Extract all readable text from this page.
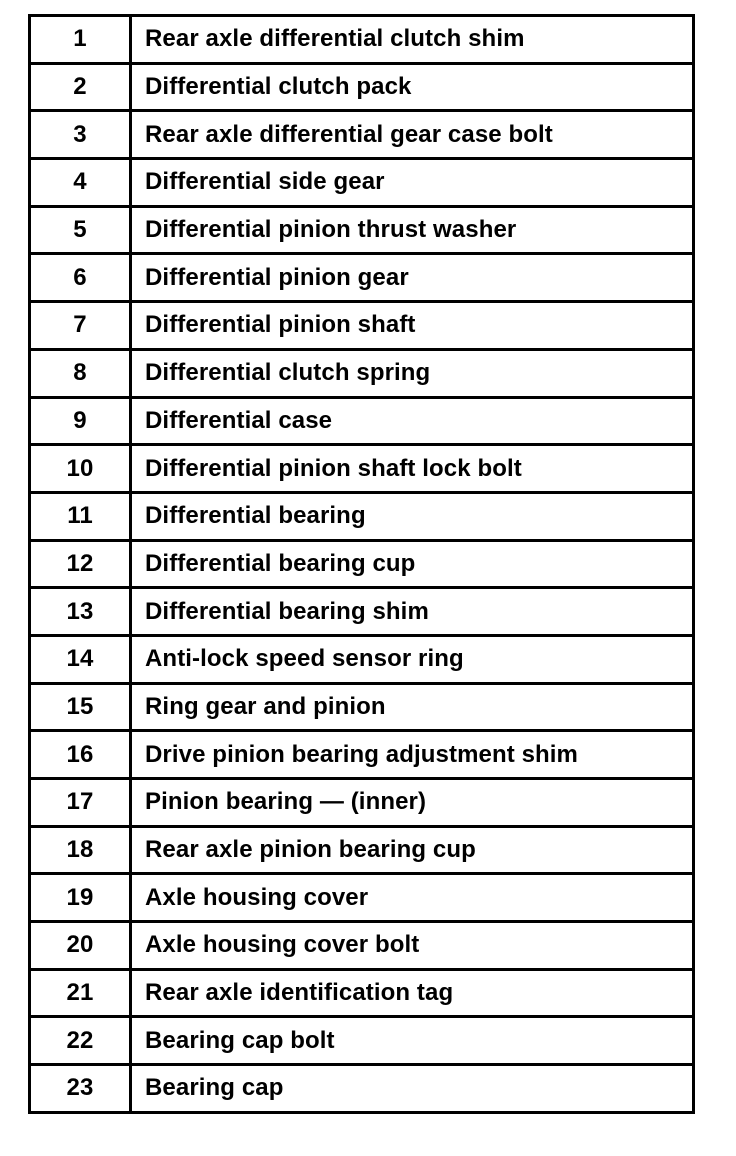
1	Rear axle differential clutch shim
2	Differential clutch pack
3	Rear axle differential gear case bolt
4	Differential side gear
5	Differential pinion thrust washer
6	Differential pinion gear
7	Differential pinion shaft
8	Differential clutch spring
9	Differential case
10	Differential pinion shaft lock bolt
11	Differential bearing
12	Differential bearing cup
13	Differential bearing shim
14	Anti-lock speed sensor ring
15	Ring gear and pinion
16	Drive pinion bearing adjustment shim
17	Pinion bearing — (inner)
18	Rear axle pinion bearing cup
19	Axle housing cover
20	Axle housing cover bolt
21	Rear axle identification tag
22	Bearing cap bolt
23	Bearing cap
